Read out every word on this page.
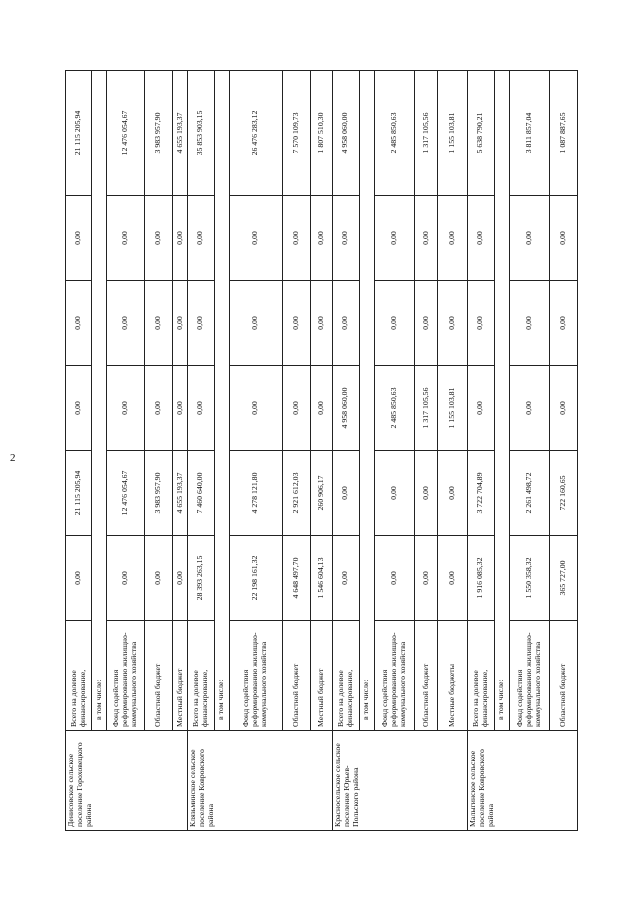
2
Денисовское сельское поселение Гороховецкого района	Всего на долевое финансирование,	0,00	21 115 205,94	0,00	0,00	0,00	21 115 205,94
	в том числе:						
	Фонд содействия реформированию жилищно-коммунального хозяйства	0,00	12 476 054,67	0,00	0,00	0,00	12 476 054,67
	Областной бюджет	0,00	3 983 957,90	0,00	0,00	0,00	3 983 957,90
	Местный бюджет	0,00	4 655 193,37	0,00	0,00	0,00	4 655 193,37
Клязьминское сельское поселение Ковровского района	Всего на долевое финансирование,	28 393 263,15	7 460 640,00	0,00	0,00	0,00	35 853 903,15
	в том числе:						
	Фонд содействия реформированию жилищно-коммунального хозяйства	22 198 161,32	4 278 121,80	0,00	0,00	0,00	26 476 283,12
	Областной бюджет	4 648 497,70	2 921 612,03	0,00	0,00	0,00	7 570 109,73
	Местный бюджет	1 546 604,13	260 906,17	0,00	0,00	0,00	1 807 510,30
Красносельское сельское поселение Юрьев-Польского района	Всего на долевое финансирование,	0,00	0,00	4 958 060,00	0,00	0,00	4 958 060,00
	в том числе:						
	Фонд содействия реформированию жилищно-коммунального хозяйства	0,00	0,00	2 485 850,63	0,00	0,00	2 485 850,63
	Областной бюджет	0,00	0,00	1 317 105,56	0,00	0,00	1 317 105,56
	Местные бюджеты	0,00	0,00	1 155 103,81	0,00	0,00	1 155 103,81
Малыгинское сельское поселение Ковровского района	Всего на долевое финансирование,	1 916 085,32	3 722 704,89	0,00	0,00	0,00	5 638 790,21
	в том числе:						
	Фонд содействия реформированию жилищно-коммунального хозяйства	1 550 358,32	2 261 498,72	0,00	0,00	0,00	3 811 857,04
	Областной бюджет	365 727,00	722 160,65	0,00	0,00	0,00	1 087 887,65
